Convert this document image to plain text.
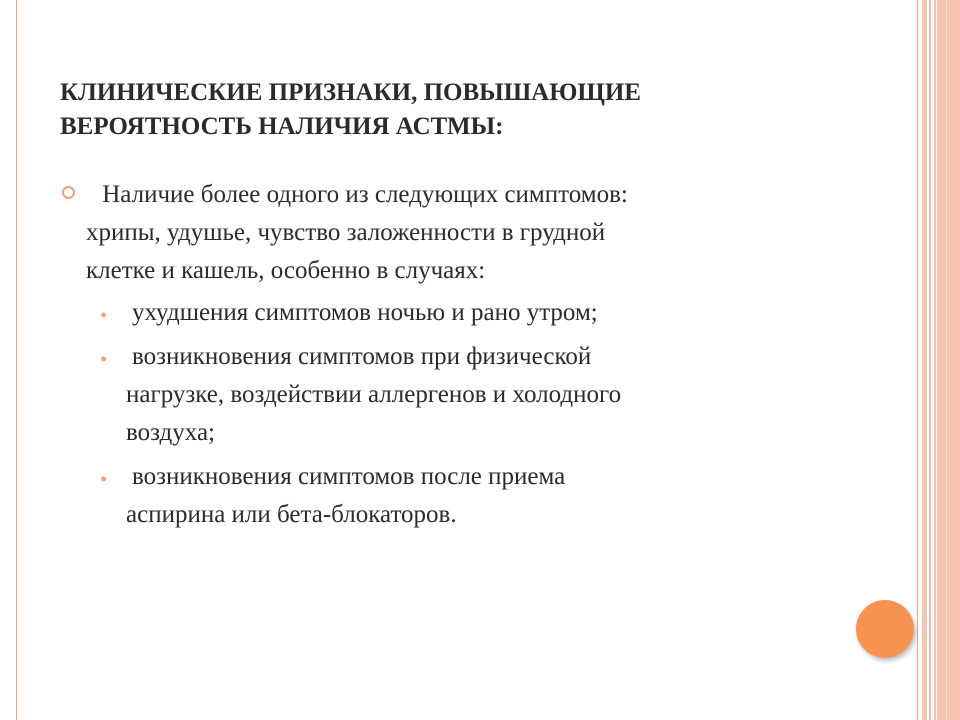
КЛИНИЧЕСКИЕ ПРИЗНАКИ, ПОВЫШАЮЩИЕ
ВЕРОЯТНОСТЬ НАЛИЧИЯ АСТМЫ:
Наличие более одного из следующих симптомов:
хрипы, удушье, чувство заложенности в грудной
клетке и кашель, особенно в случаях:
• ухудшения симптомов ночью и рано утром;
• возникновения симптомов при физической
нагрузке, воздействии аллергенов и холодного
воздуха;
• возникновения симптомов после приема
аспирина или бета-блокаторов.
